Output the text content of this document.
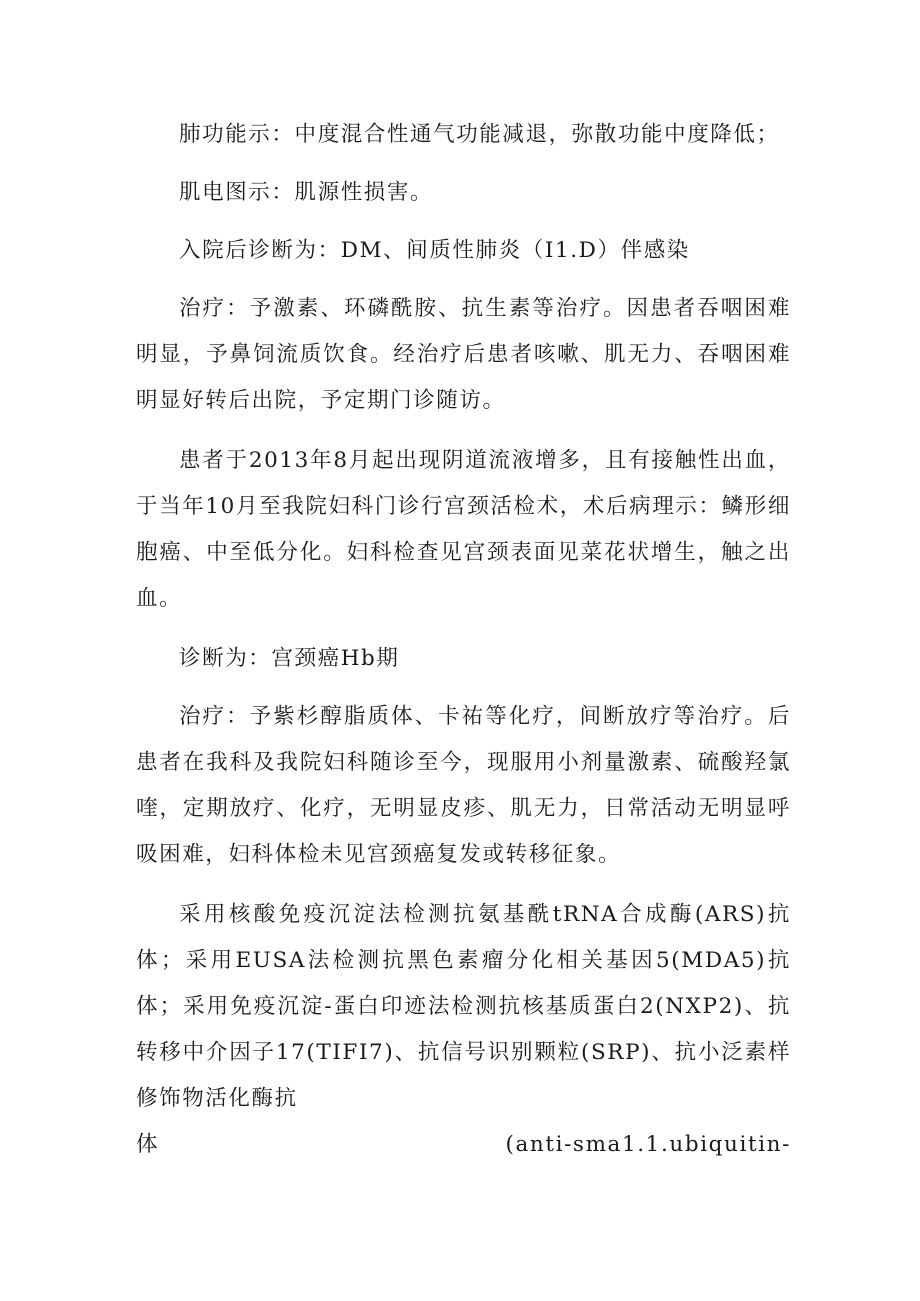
肺功能示：中度混合性通气功能减退，弥散功能中度降低；

肌电图示：肌源性损害。

入院后诊断为：DM、间质性肺炎（I1.D）伴感染

治疗：予激素、环磷酰胺、抗生素等治疗。因患者吞咽困难明显，予鼻饲流质饮食。经治疗后患者咳嗽、肌无力、吞咽困难明显好转后出院，予定期门诊随访。

患者于2013年8月起出现阴道流液增多，且有接触性出血，于当年10月至我院妇科门诊行宫颈活检术，术后病理示：鳞形细胞癌、中至低分化。妇科检查见宫颈表面见菜花状增生，触之出血。

诊断为：宫颈癌Hb期

治疗：予紫杉醇脂质体、卡祐等化疗，间断放疗等治疗。后患者在我科及我院妇科随诊至今，现服用小剂量激素、硫酸羟氯喹，定期放疗、化疗，无明显皮疹、肌无力，日常活动无明显呼吸困难，妇科体检未见宫颈癌复发或转移征象。

采用核酸免疫沉淀法检测抗氨基酰tRNA合成酶(ARS)抗体；采用EUSA法检测抗黑色素瘤分化相关基因5(MDA5)抗体；采用免疫沉淀-蛋白印迹法检测抗核基质蛋白2(NXP2)、抗转移中介因子17(TIFI7)、抗信号识别颗粒(SRP)、抗小泛素样修饰物活化酶抗

体	(anti-sma1.1.ubiquitin-
